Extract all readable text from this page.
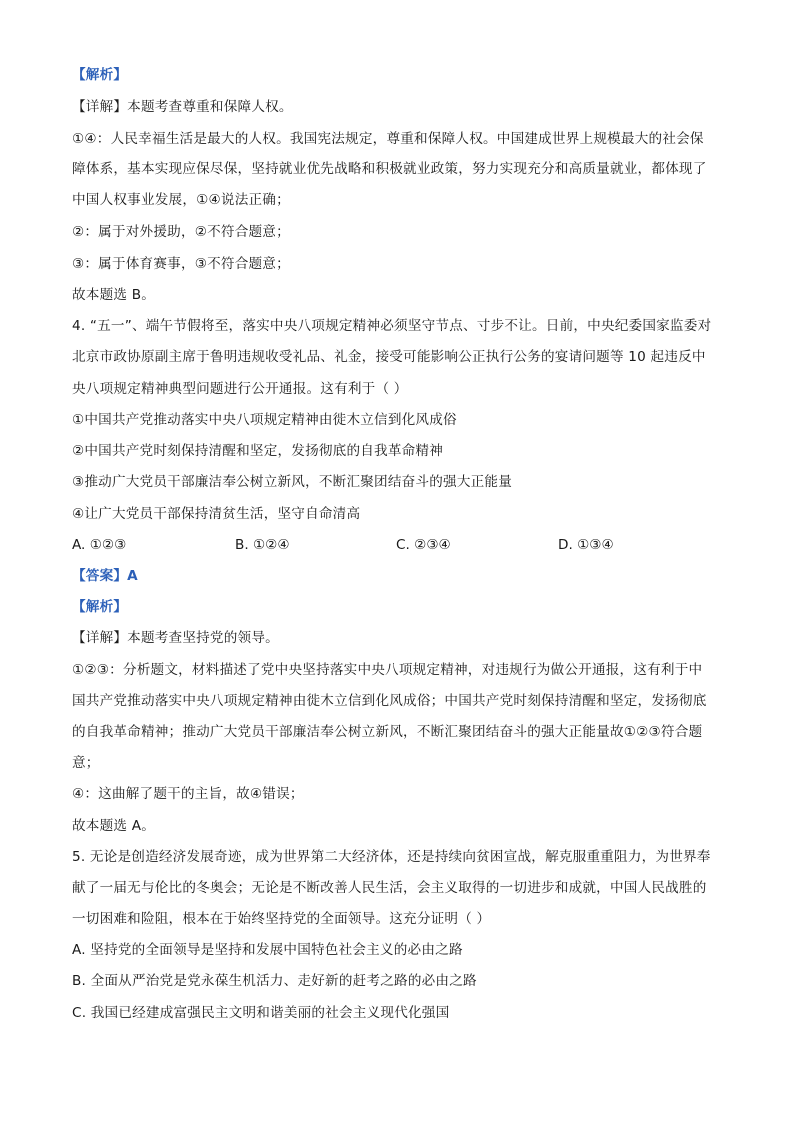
【解析】
【详解】本题考查尊重和保障人权。
①④：人民幸福生活是最大的人权。我国宪法规定，尊重和保障人权。中国建成世界上规模最大的社会保
障体系，基本实现应保尽保，坚持就业优先战略和积极就业政策，努力实现充分和高质量就业，都体现了
中国人权事业发展，①④说法正确；
②：属于对外援助，②不符合题意；
③：属于体育赛事，③不符合题意；
故本题选 B。
4. “五一”、端午节假将至，落实中央八项规定精神必须坚守节点、寸步不让。日前，中央纪委国家监委对
北京市政协原副主席于鲁明违规收受礼品、礼金，接受可能影响公正执行公务的宴请问题等 10 起违反中
央八项规定精神典型问题进行公开通报。这有利于（ ）
①中国共产党推动落实中央八项规定精神由徙木立信到化风成俗
②中国共产党时刻保持清醒和坚定，发扬彻底的自我革命精神
③推动广大党员干部廉洁奉公树立新风，不断汇聚团结奋斗的强大正能量
④让广大党员干部保持清贫生活，坚守自命清高
A. ①②③	B. ①②④	C. ②③④	D. ①③④
【答案】A
【解析】
【详解】本题考查坚持党的领导。
①②③：分析题文，材料描述了党中央坚持落实中央八项规定精神，对违规行为做公开通报，这有利于中
国共产党推动落实中央八项规定精神由徙木立信到化风成俗；中国共产党时刻保持清醒和坚定，发扬彻底
的自我革命精神；推动广大党员干部廉洁奉公树立新风，不断汇聚团结奋斗的强大正能量故①②③符合题
意；
④：这曲解了题干的主旨，故④错误；
故本题选 A。
5. 无论是创造经济发展奇迹，成为世界第二大经济体，还是持续向贫困宣战，解克服重重阻力，为世界奉
献了一届无与伦比的冬奥会；无论是不断改善人民生活，会主义取得的一切进步和成就，中国人民战胜的
一切困难和险阻，根本在于始终坚持党的全面领导。这充分证明（ ）
A. 坚持党的全面领导是坚持和发展中国特色社会主义的必由之路
B. 全面从严治党是党永葆生机活力、走好新的赶考之路的必由之路
C. 我国已经建成富强民主文明和谐美丽的社会主义现代化强国
